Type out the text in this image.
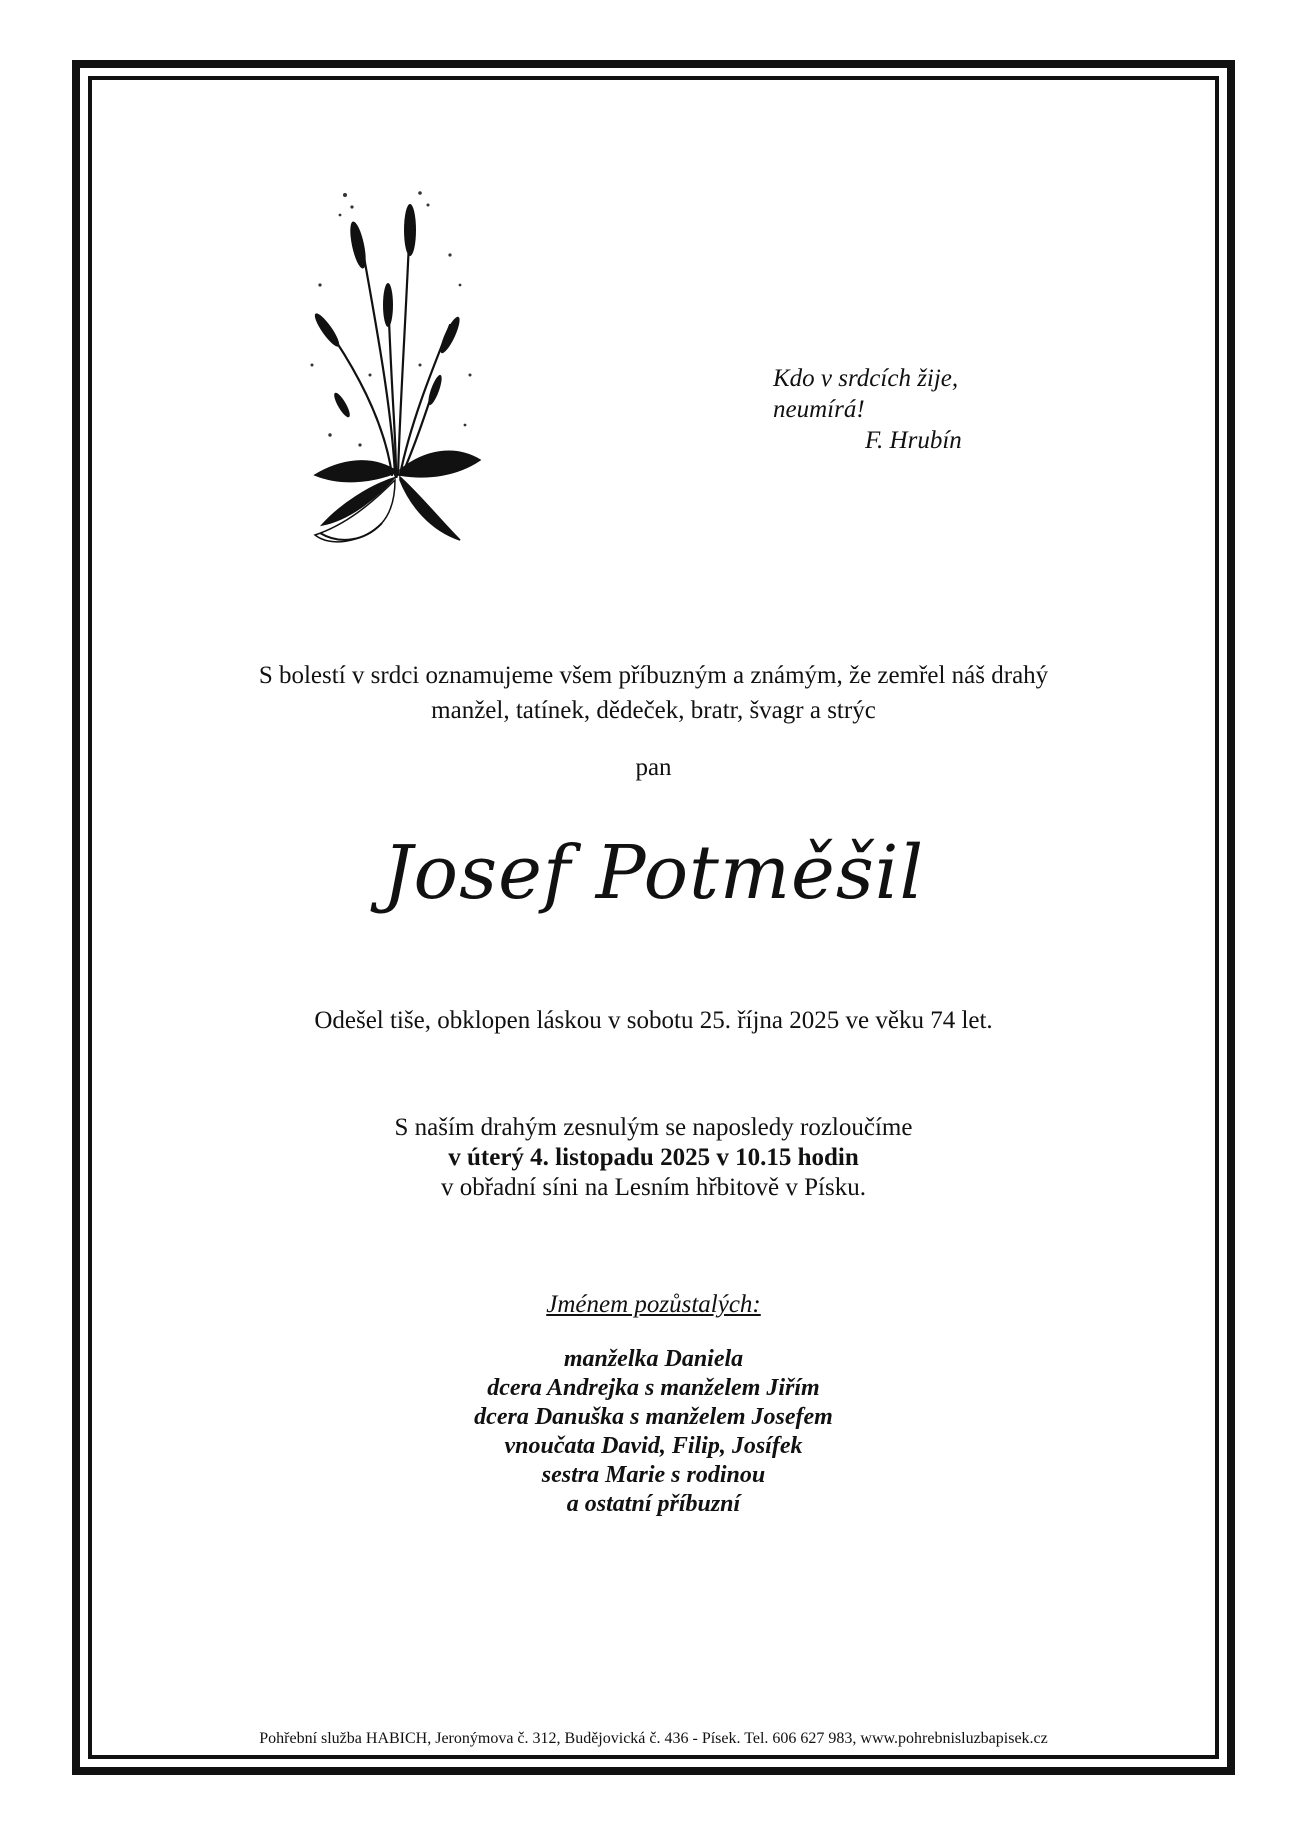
Kdo v srdcích žije,
neumírá!
F. Hrubín
S bolestí v srdci oznamujeme všem příbuzným a známým, že zemřel náš drahý
manžel, tatínek, dědeček, bratr, švagr a strýc
pan
Josef Potměšil
Odešel tiše, obklopen láskou v sobotu 25. října 2025 ve věku 74 let.
S naším drahým zesnulým se naposledy rozloučíme
v úterý 4. listopadu 2025 v 10.15 hodin
v obřadní síni na Lesním hřbitově v Písku.
Jménem pozůstalých:
manželka Daniela
dcera Andrejka s manželem Jiřím
dcera Danuška s manželem Josefem
vnoučata David, Filip, Josífek
sestra Marie s rodinou
a ostatní příbuzní
Pohřební služba HABICH, Jeronýmova č. 312, Budějovická č. 436 - Písek. Tel. 606 627 983, www.pohrebnisluzbapisek.cz
